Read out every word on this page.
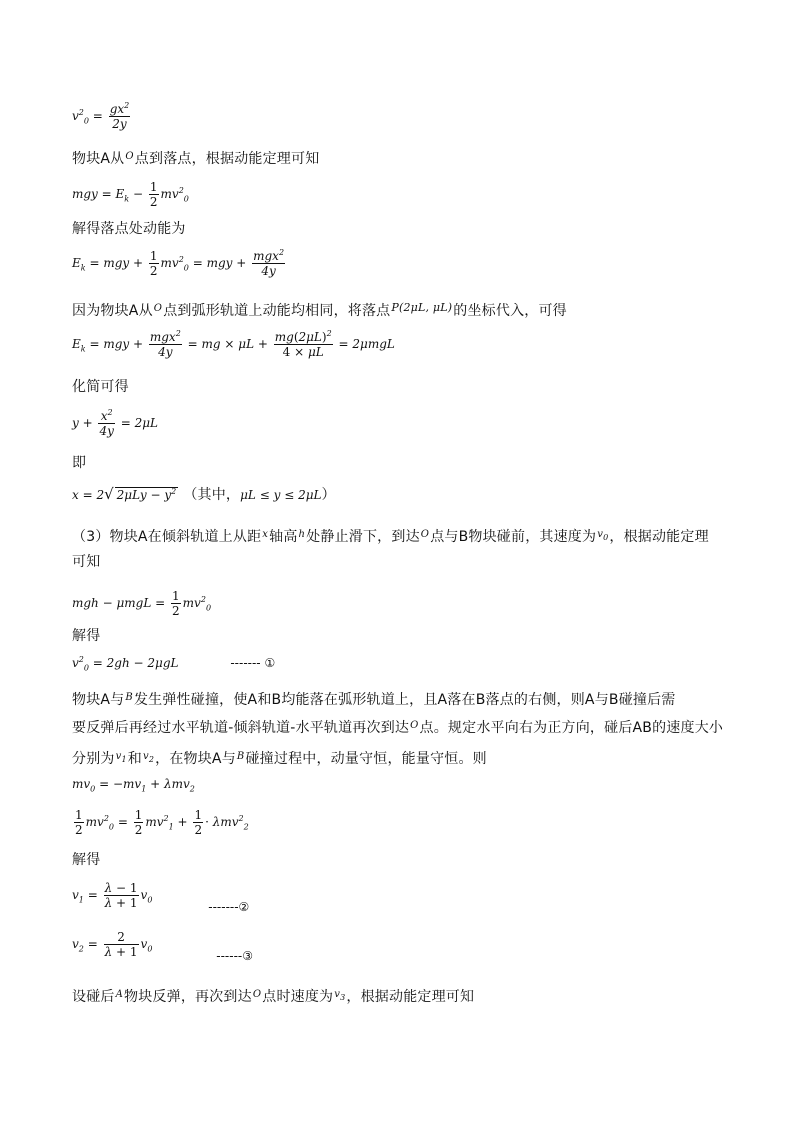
$v^2_0 = \frac{gx^2}{2y}$
物块A从$^O$点到落点，根据动能定理可知
mgy = $E_k - \frac{1}{2} mv^2_0$
解得落点处动能为
$E_k$ = mgy + $\frac{1}{2} mv^2_0$ = mgy + $\frac{mgx^2}{4y}$
因为物块A从$^O$点到弧形轨道上动能均相同，将落点$^{P(2\mu L, \mu L)}$的坐标代入，可得
$E_k$ = mgy + $\frac{mgx^2}{4y}$ = mg × $\mu L + \frac{mg(2\mu L)^2}{4 \times \mu L} = 2\mu mgL$
化简可得
$y + \frac{x^2}{4y} = 2\mu L$
即
x = 2√ $2\mu Ly - y^2$ （其中，μL ≤ y ≤ 2μL）
（3）物块A在倾斜轨道上从距$^x$轴高$^h$处静止滑下，到达$^O$点与B物块碰前，其速度为$^{v_0}$，根据动能定理
可知
mgh − $\mu mgL = \frac{1}{2} mv^2_0$
解得
$v^2_0 = 2gh - 2\mu gL$	------- ①
物块A与$^B$发生弹性碰撞，使A和B均能落在弧形轨道上，且A落在B落点的右侧，则A与B碰撞后需
要反弹后再经过水平轨道-倾斜轨道-水平轨道再次到达$^O$点。规定水平向右为正方向，碰后AB的速度大小
分别为$^{v_1}$和$^{v_2}$，在物块A与$^B$碰撞过程中，动量守恒，能量守恒。则
$mv_0 = -mv_1 + \lambda mv_2$
$\frac{1}{2} mv^2_0 = \frac{1}{2} mv^2_1 + \frac{1}{2} \cdot \lambda mv^2_2$
解得
$v_1 = \frac{\lambda - 1}{\lambda + 1} v_0$ -------②
$v_2 = \frac{2}{\lambda + 1} v_0$ ------③
设碰后$^A$物块反弹，再次到达$^O$点时速度为$^{v_3}$，根据动能定理可知
